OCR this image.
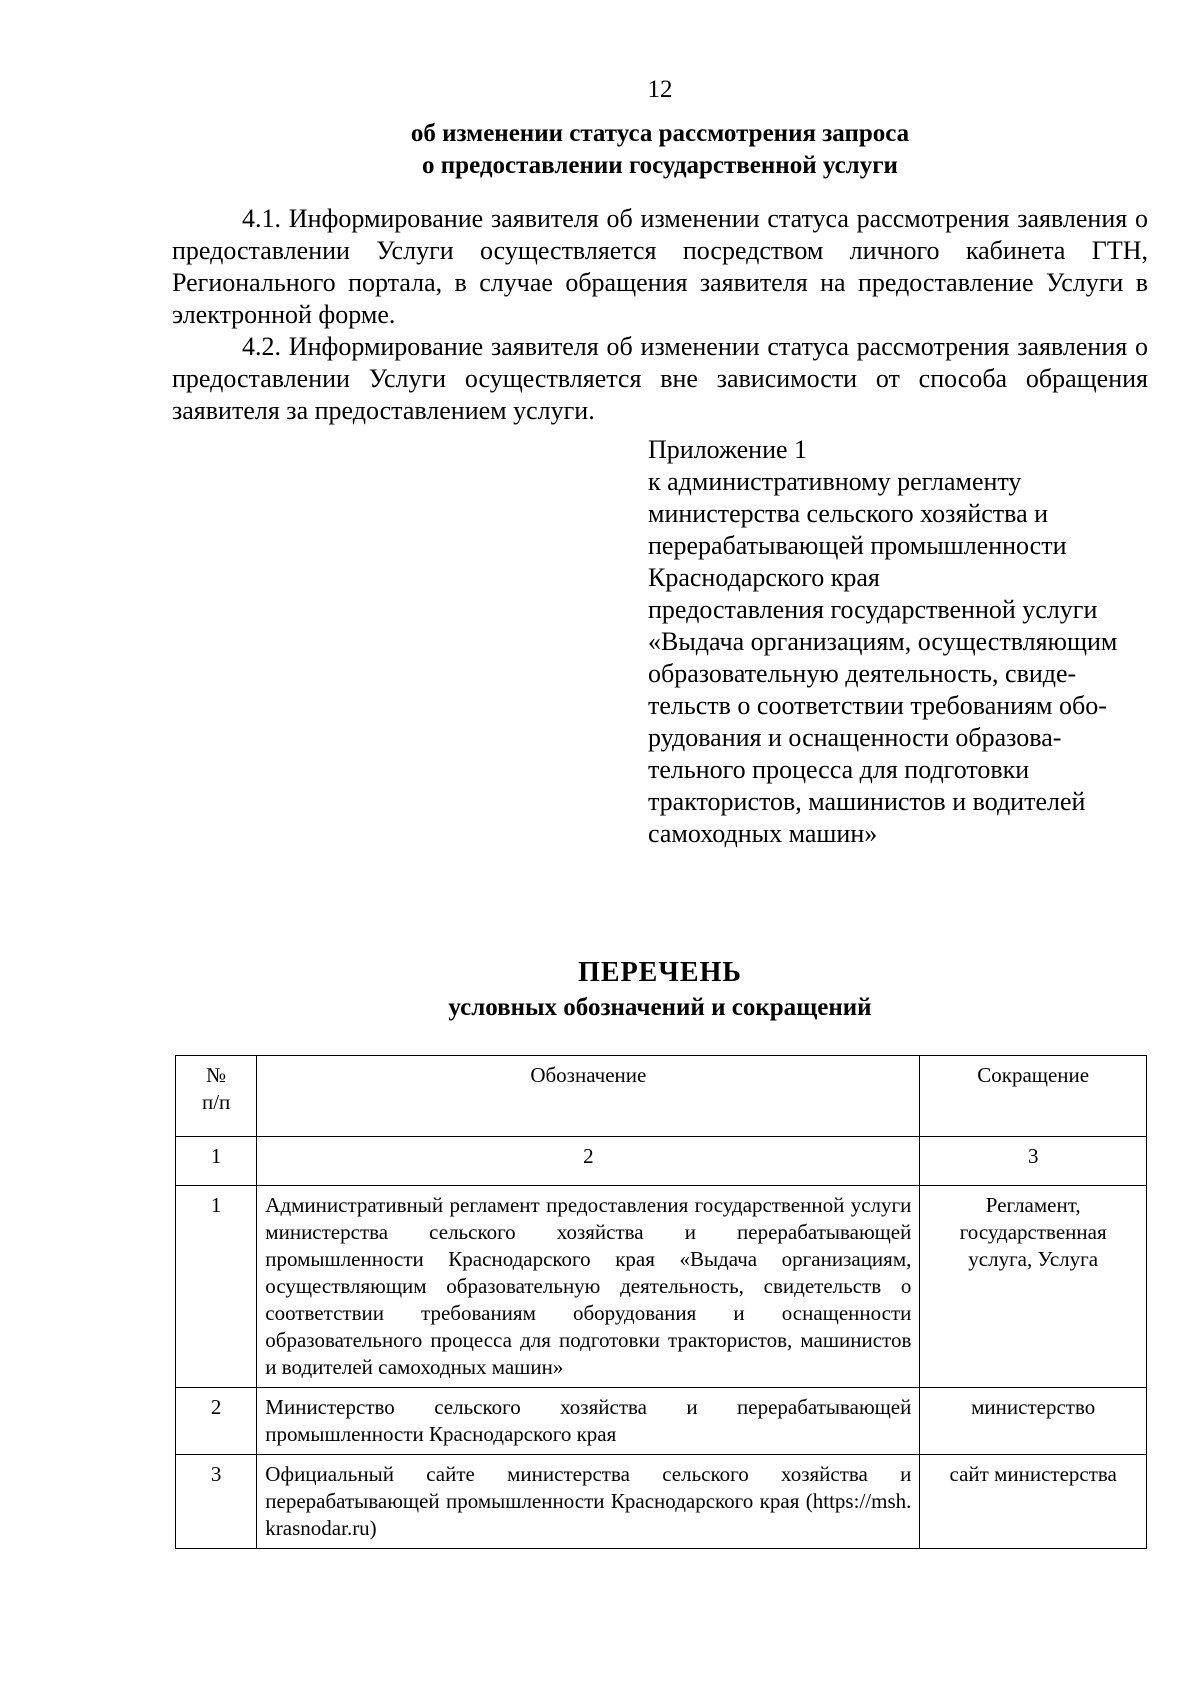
12
об изменении статуса рассмотрения запроса
о предоставлении государственной услуги

4.1. Информирование заявителя об изменении статуса рассмотрения заявления о предоставлении Услуги осуществляется посредством личного кабинета ГТН, Регионального портала, в случае обращения заявителя на предоставление Услуги в электронной форме.

4.2. Информирование заявителя об изменении статуса рассмотрения заявления о предоставлении Услуги осуществляется вне зависимости от способа обращения заявителя за предоставлением услуги.

Приложение 1
к административному регламенту
министерства сельского хозяйства и
перерабатывающей промышленности
Краснодарского края
предоставления государственной услуги
«Выдача организациям, осуществляющим
образовательную деятельность, свиде-
тельств о соответствии требованиям обо-
рудования и оснащенности образова-
тельного процесса для подготовки
трактористов, машинистов и водителей
самоходных машин»
ПЕРЕЧЕНЬ
условных обозначений и сокращений
№
п/п	Обозначение	Сокращение
1	2	3
1	Административный регламент предоставления государственной услуги министерства сельского хозяйства и перерабатывающей промышленности Краснодарского края «Выдача организациям, осуществляющим образовательную деятельность, свидетельств о соответствии требованиям оборудования и оснащенности образовательного процесса для подготовки трактористов, машинистов и водителей самоходных машин»	Регламент, государственная услуга, Услуга
2	Министерство сельского хозяйства и перерабатывающей промышленности Краснодарского края	министерство
3	Официальный сайте министерства сельского хозяйства и перерабатывающей промышленности Краснодарского края (https://msh. krasnodar.ru)	сайт министерства
